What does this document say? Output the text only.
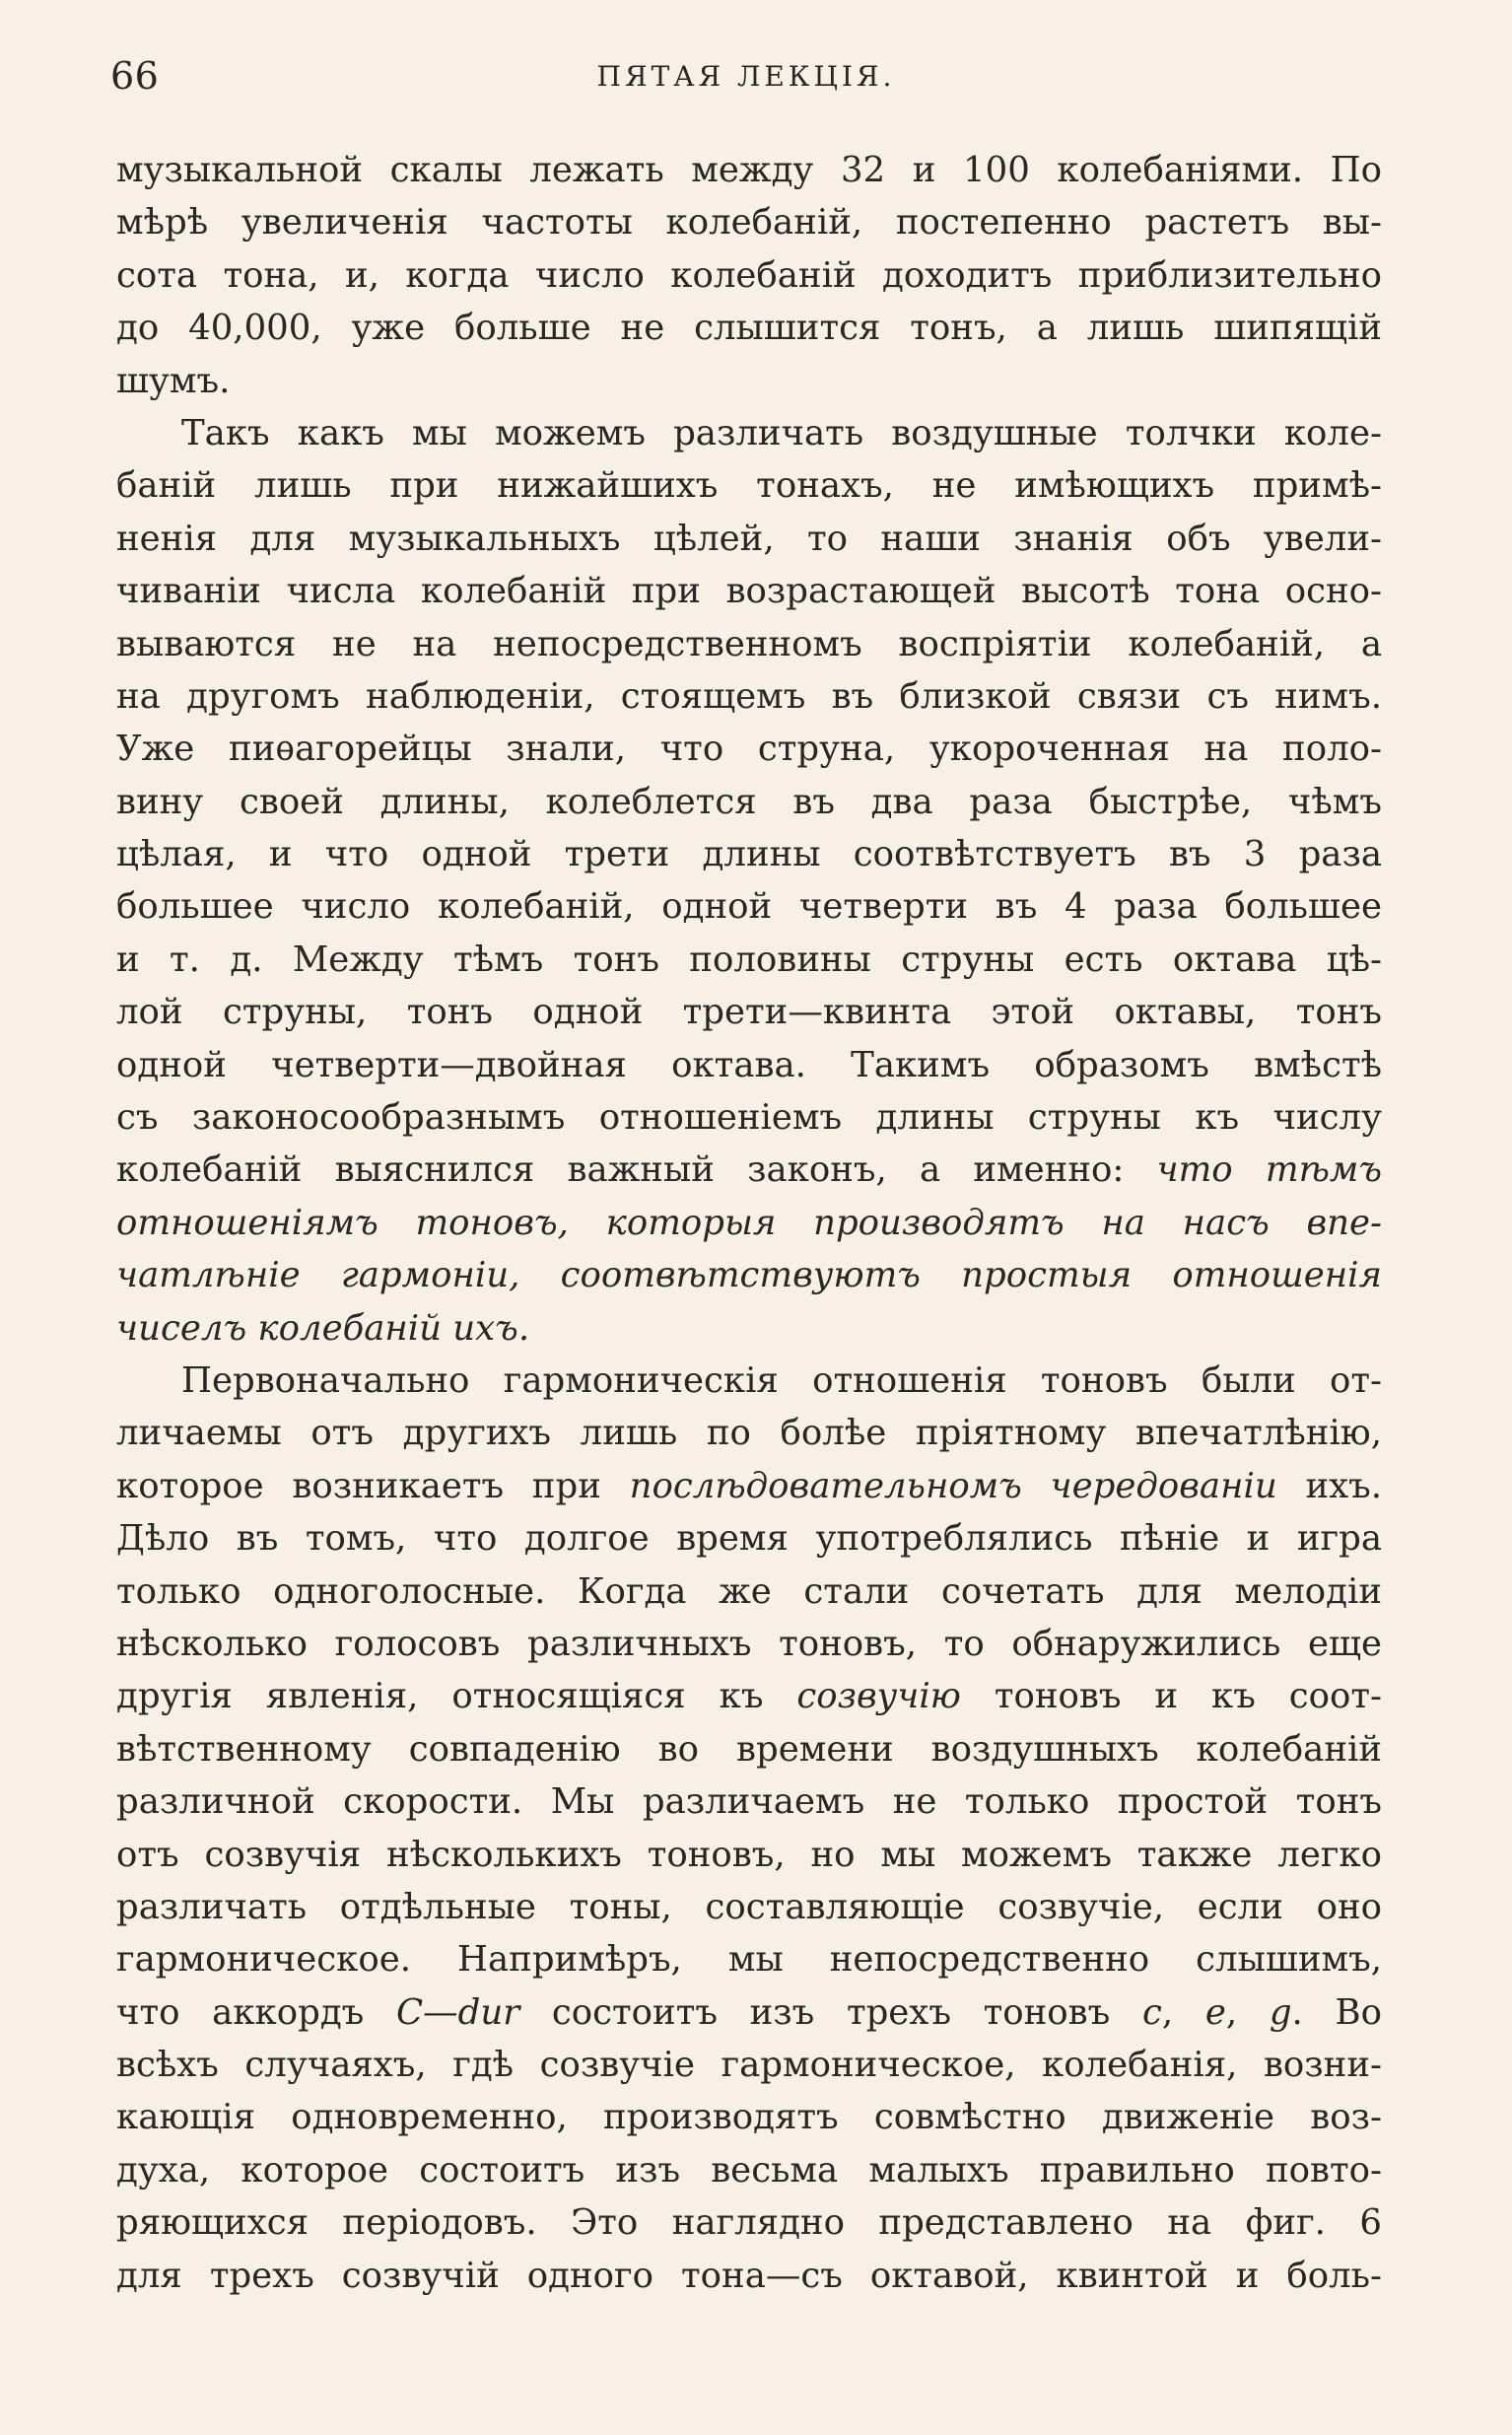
66	ПЯТАЯ ЛЕКЦІЯ.
музыкальной скалы лежать между 32 и 100 колебаніями. По
мѣрѣ увеличенія частоты колебаній, постепенно растетъ вы-
сота тона, и, когда число колебаній доходитъ приблизительно
до 40,000, уже больше не слышится тонъ, а лишь шипящій
шумъ.
Такъ какъ мы можемъ различать воздушные толчки коле-
баній лишь при нижайшихъ тонахъ, не имѣющихъ примѣ-
ненія для музыкальныхъ цѣлей, то наши знанія объ увели-
чиваніи числа колебаній при возрастающей высотѣ тона осно-
вываются не на непосредственномъ воспріятіи колебаній, а
на другомъ наблюденіи, стоящемъ въ близкой связи съ нимъ.
Уже пиѳагорейцы знали, что струна, укороченная на поло-
вину своей длины, колеблется въ два раза быстрѣе, чѣмъ
цѣлая, и что одной трети длины соотвѣтствуетъ въ 3 раза
большее число колебаній, одной четверти въ 4 раза большее
и т. д. Между тѣмъ тонъ половины струны есть октава цѣ-
лой струны, тонъ одной трети—квинта этой октавы, тонъ
одной четверти—двойная октава. Такимъ образомъ вмѣстѣ
съ законосообразнымъ отношеніемъ длины струны къ числу
колебаній выяснился важный законъ, а именно: что тѣмъ
отношеніямъ тоновъ, которыя производятъ на насъ впе-
чатлѣніе гармоніи, соотвѣтствуютъ простыя отношенія
чиселъ колебаній ихъ.
Первоначально гармоническія отношенія тоновъ были от-
личаемы отъ другихъ лишь по болѣе пріятному впечатлѣнію,
которое возникаетъ при послѣдовательномъ чередованіи ихъ.
Дѣло въ томъ, что долгое время употреблялись пѣніе и игра
только одноголосные. Когда же стали сочетать для мелодіи
нѣсколько голосовъ различныхъ тоновъ, то обнаружились еще
другія явленія, относящіяся къ созвучію тоновъ и къ соот-
вѣтственному совпаденію во времени воздушныхъ колебаній
различной скорости. Мы различаемъ не только простой тонъ
отъ созвучія нѣсколькихъ тоновъ, но мы можемъ также легко
различать отдѣльные тоны, составляющіе созвучіе, если оно
гармоническое. Напримѣръ, мы непосредственно слышимъ,
что аккордъ C—dur состоитъ изъ трехъ тоновъ c, e, g. Во
всѣхъ случаяхъ, гдѣ созвучіе гармоническое, колебанія, возни-
кающія одновременно, производятъ совмѣстно движеніе воз-
духа, которое состоитъ изъ весьма малыхъ правильно повто-
ряющихся періодовъ. Это наглядно представлено на фиг. 6
для трехъ созвучій одного тона—съ октавой, квинтой и боль-
